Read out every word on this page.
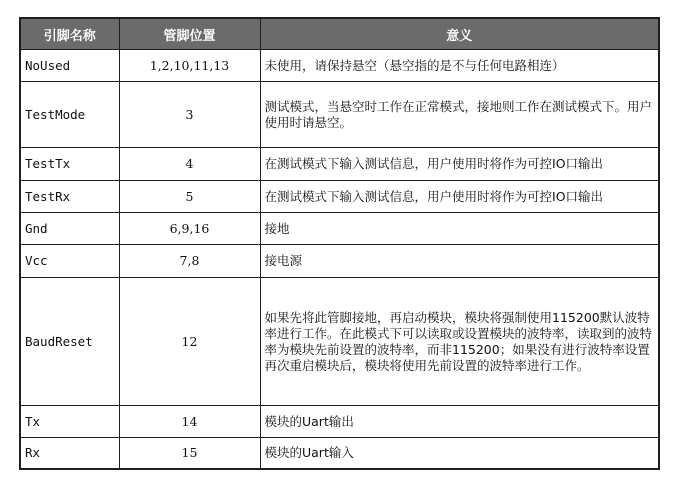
引脚名称	管脚位置	意义
NoUsed	1,2,10,11,13	未使用，请保持悬空（悬空指的是不与任何电路相连）
TestMode	3	测试模式，当悬空时工作在正常模式，接地则工作在测试模式下。用户使用时请悬空。
TestTx	4	在测试模式下输入测试信息，用户使用时将作为可控IO口输出
TestRx	5	在测试模式下输入测试信息，用户使用时将作为可控IO口输出
Gnd	6,9,16	接地
Vcc	7,8	接电源
BaudReset	12	如果先将此管脚接地，再启动模块，模块将强制使用115200默认波特率进行工作。在此模式下可以读取或设置模块的波特率，读取到的波特率为模块先前设置的波特率，而非115200；如果没有进行波特率设置再次重启模块后，模块将使用先前设置的波特率进行工作。
Tx	14	模块的Uart输出
Rx	15	模块的Uart输入
